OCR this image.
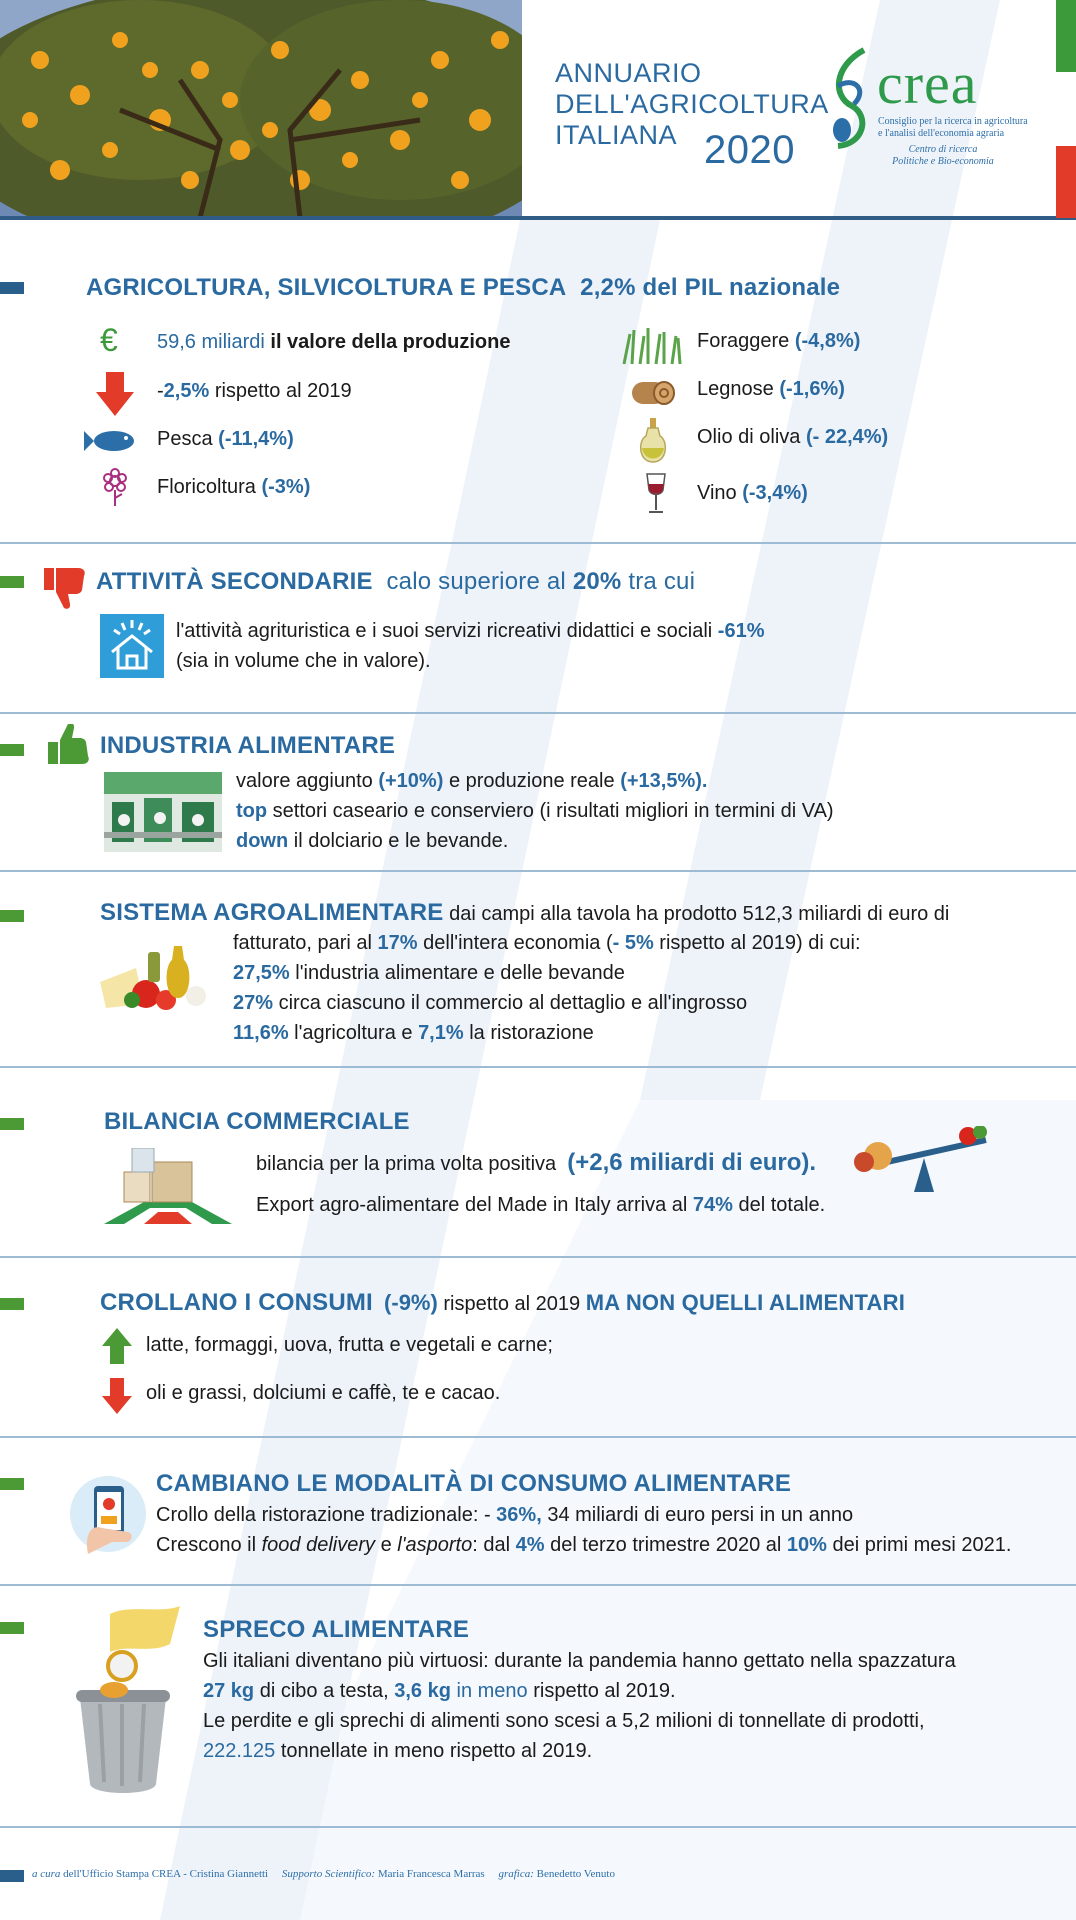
ANNUARIO
DELL'AGRICOLTURA
ITALIANA 2020
crea
Consiglio per la ricerca in agricoltura
e l'analisi dell'economia agraria
Centro di ricerca
Politiche e Bio-economia
AGRICOLTURA, SILVICOLTURA E PESCA 2,2% del PIL nazionale
€ 59,6 miliardi il valore della produzione
-2,5% rispetto al 2019
Pesca (-11,4%)
Floricoltura (-3%)
Foraggere (-4,8%)
Legnose (-1,6%)
Olio di oliva (- 22,4%)
Vino (-3,4%)
ATTIVITÀ SECONDARIE calo superiore al 20% tra cui
l'attività agrituristica e i suoi servizi ricreativi didattici e sociali -61%
(sia in volume che in valore).
INDUSTRIA ALIMENTARE
valore aggiunto (+10%) e produzione reale (+13,5%).
top settori caseario e conserviero (i risultati migliori in termini di VA)
down il dolciario e le bevande.
SISTEMA AGROALIMENTARE dai campi alla tavola ha prodotto 512,3 miliardi di euro di
fatturato, pari al 17% dell'intera economia (- 5% rispetto al 2019) di cui:
27,5% l'industria alimentare e delle bevande
27% circa ciascuno il commercio al dettaglio e all'ingrosso
11,6% l'agricoltura e 7,1% la ristorazione
BILANCIA COMMERCIALE
bilancia per la prima volta positiva (+2,6 miliardi di euro).
Export agro-alimentare del Made in Italy arriva al 74% del totale.
CROLLANO I CONSUMI (-9%) rispetto al 2019 MA NON QUELLI ALIMENTARI
latte, formaggi, uova, frutta e vegetali e carne;
oli e grassi, dolciumi e caffè, te e cacao.
CAMBIANO LE MODALITÀ DI CONSUMO ALIMENTARE
Crollo della ristorazione tradizionale: - 36%, 34 miliardi di euro persi in un anno
Crescono il food delivery e l'asporto: dal 4% del terzo trimestre 2020 al 10% dei primi mesi 2021.
SPRECO ALIMENTARE
Gli italiani diventano più virtuosi: durante la pandemia hanno gettato nella spazzatura
27 kg di cibo a testa, 3,6 kg in meno rispetto al 2019.
Le perdite e gli sprechi di alimenti sono scesi a 5,2 milioni di tonnellate di prodotti,
222.125 tonnellate in meno rispetto al 2019.
a cura dell'Ufficio Stampa CREA - Cristina Giannetti Supporto Scientifico: Maria Francesca Marras grafica: Benedetto Venuto
